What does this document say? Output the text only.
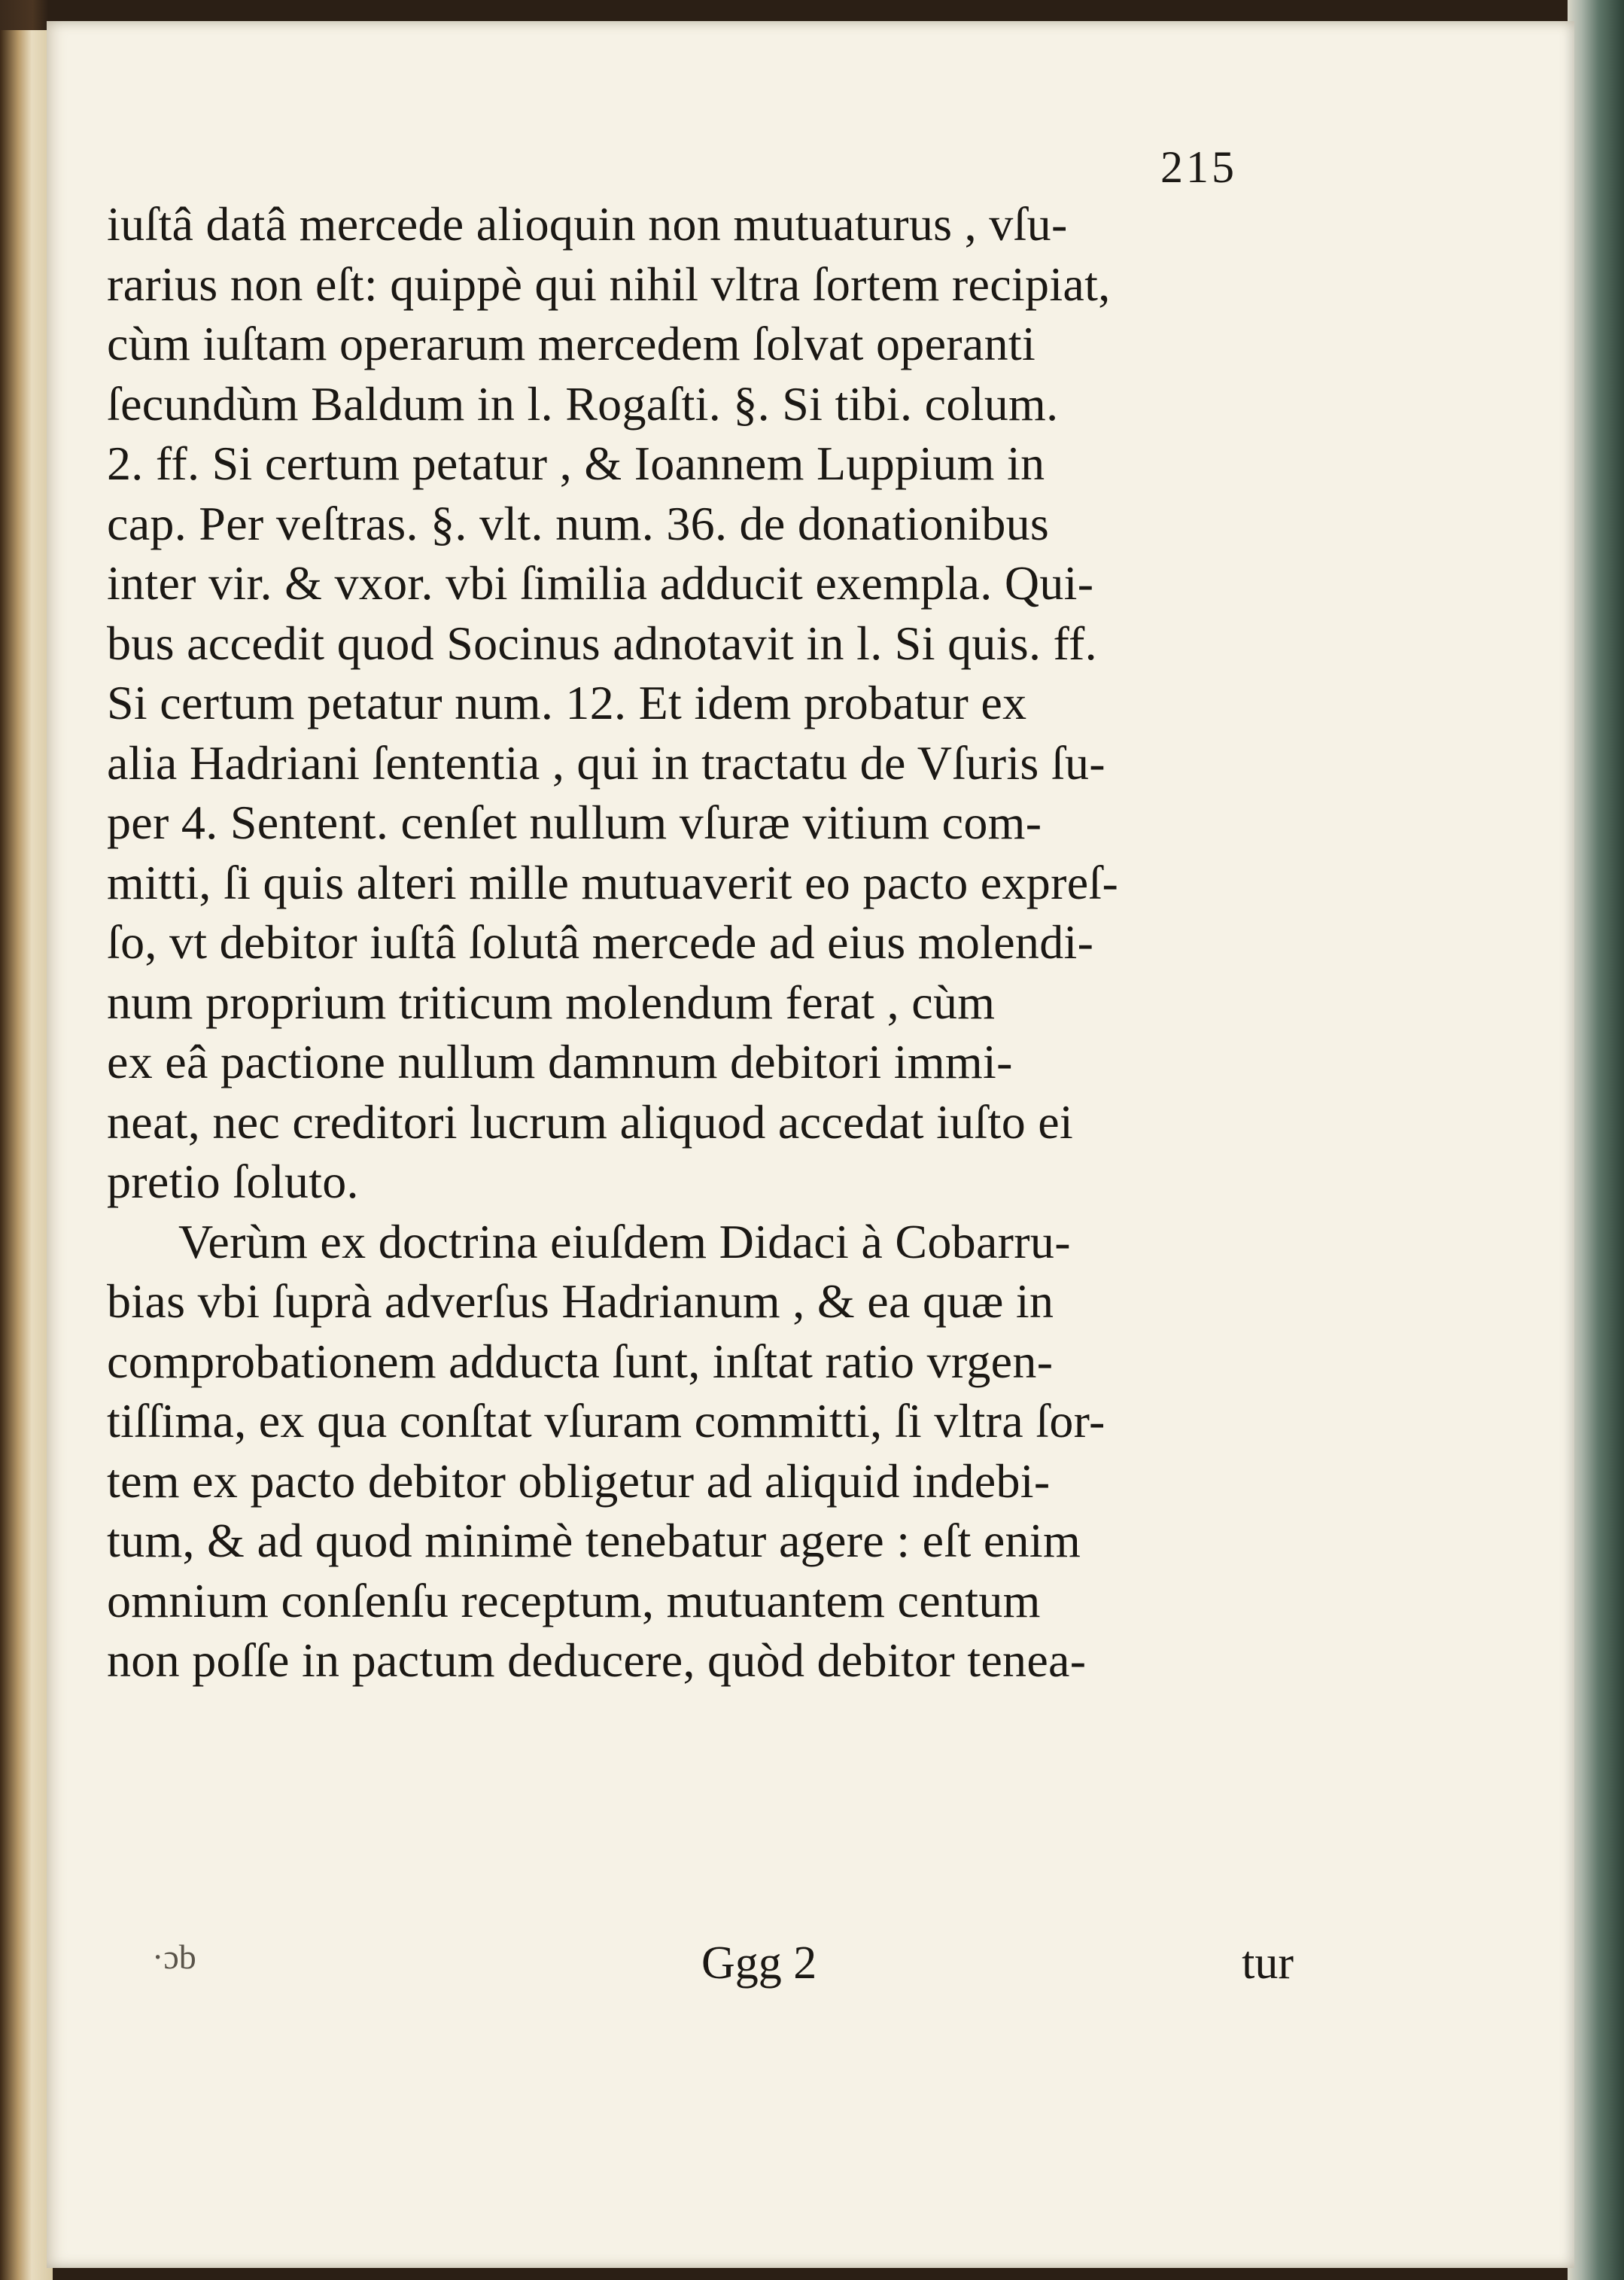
215
iuſtâ datâ mercede alioquin non mutuaturus , vſu-
rarius non eſt: quippè qui nihil vltra ſortem recipiat,
cùm iuſtam operarum mercedem ſolvat operanti
ſecundùm Baldum in l. Rogaſti. §. Si tibi. colum.
2. ff. Si certum petatur , & Ioannem Luppium in
cap. Per veſtras. §. vlt. num. 36. de donationibus
inter vir. & vxor. vbi ſimilia adducit exempla. Qui-
bus accedit quod Socinus adnotavit in l. Si quis. ff.
Si certum petatur num. 12. Et idem probatur ex
alia Hadriani ſententia , qui in tractatu de Vſuris ſu-
per 4. Sentent. cenſet nullum vſuræ vitium com-
mitti, ſi quis alteri mille mutuaverit eo pacto expreſ-
ſo, vt debitor iuſtâ ſolutâ mercede ad eius molendi-
num proprium triticum molendum ferat , cùm
ex eâ pactione nullum damnum debitori immi-
neat, nec creditori lucrum aliquod accedat iuſto ei
pretio ſoluto.
Verùm ex doctrina eiuſdem Didaci à Cobarru-
bias vbi ſuprà adverſus Hadrianum , & ea quæ in
comprobationem adducta ſunt, inſtat ratio vrgen-
tiſſima, ex qua conſtat vſuram committi, ſi vltra ſor-
tem ex pacto debitor obligetur ad aliquid indebi-
tum, & ad quod minimè tenebatur agere : eſt enim
omnium conſenſu receptum, mutuantem centum
non poſſe in pactum deducere, quòd debitor tenea-
·ɔb	Ggg 2	tur
